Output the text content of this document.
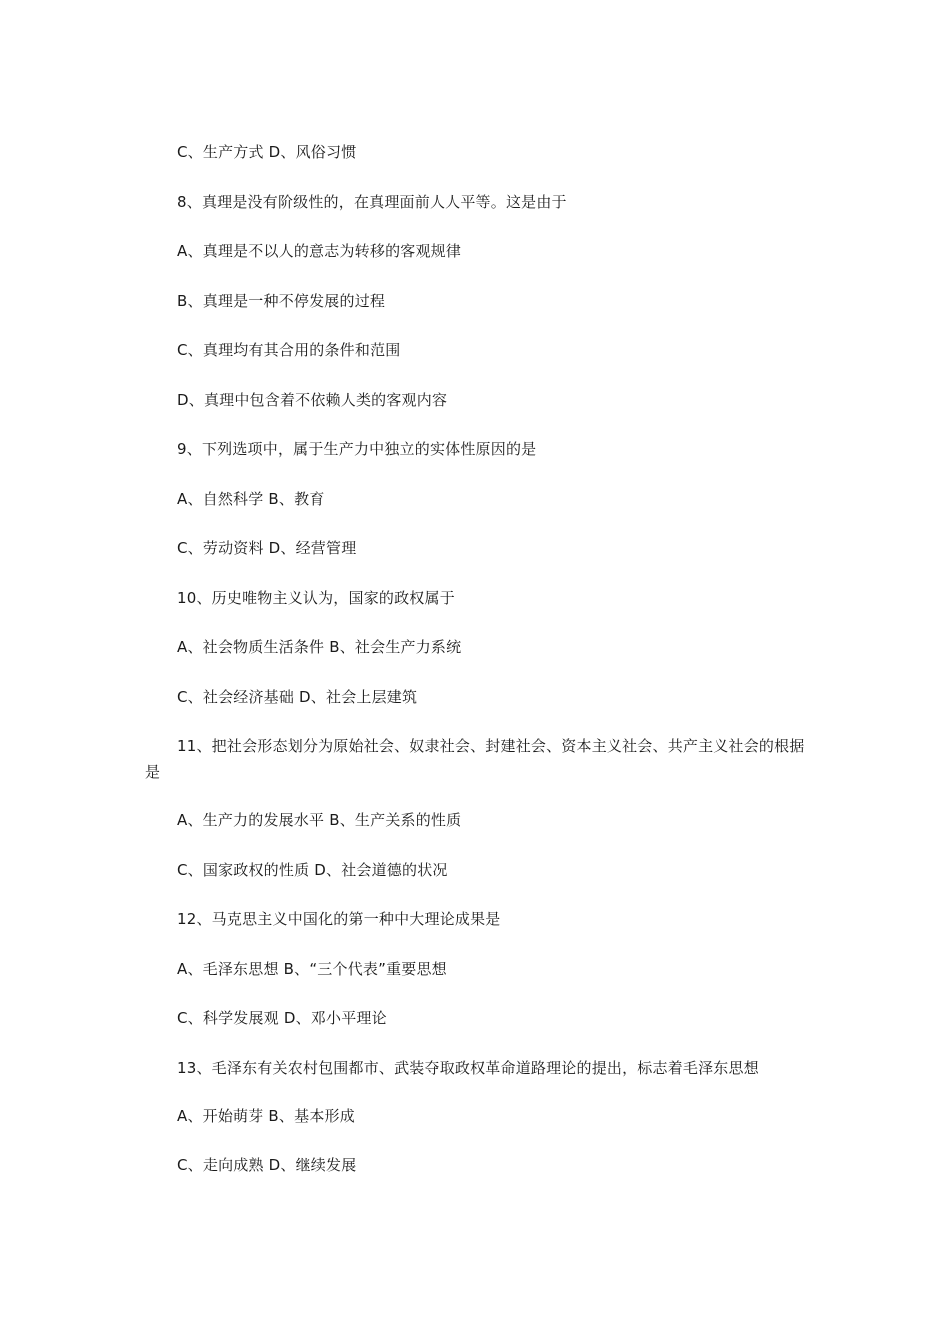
C、生产方式 D、风俗习惯

8、真理是没有阶级性的，在真理面前人人平等。这是由于

A、真理是不以人的意志为转移的客观规律

B、真理是一种不停发展的过程

C、真理均有其合用的条件和范围

D、真理中包含着不依赖人类的客观内容

9、下列选项中，属于生产力中独立的实体性原因的是

A、自然科学 B、教育

C、劳动资料 D、经营管理

10、历史唯物主义认为，国家的政权属于

A、社会物质生活条件 B、社会生产力系统

C、社会经济基础 D、社会上层建筑

11、把社会形态划分为原始社会、奴隶社会、封建社会、资本主义社会、共产主义社会的根据是

A、生产力的发展水平 B、生产关系的性质

C、国家政权的性质 D、社会道德的状况

12、马克思主义中国化的第一种中大理论成果是

A、毛泽东思想 B、“三个代表”重要思想

C、科学发展观 D、邓小平理论

13、毛泽东有关农村包围都市、武装夺取政权革命道路理论的提出，标志着毛泽东思想

A、开始萌芽 B、基本形成

C、走向成熟 D、继续发展
